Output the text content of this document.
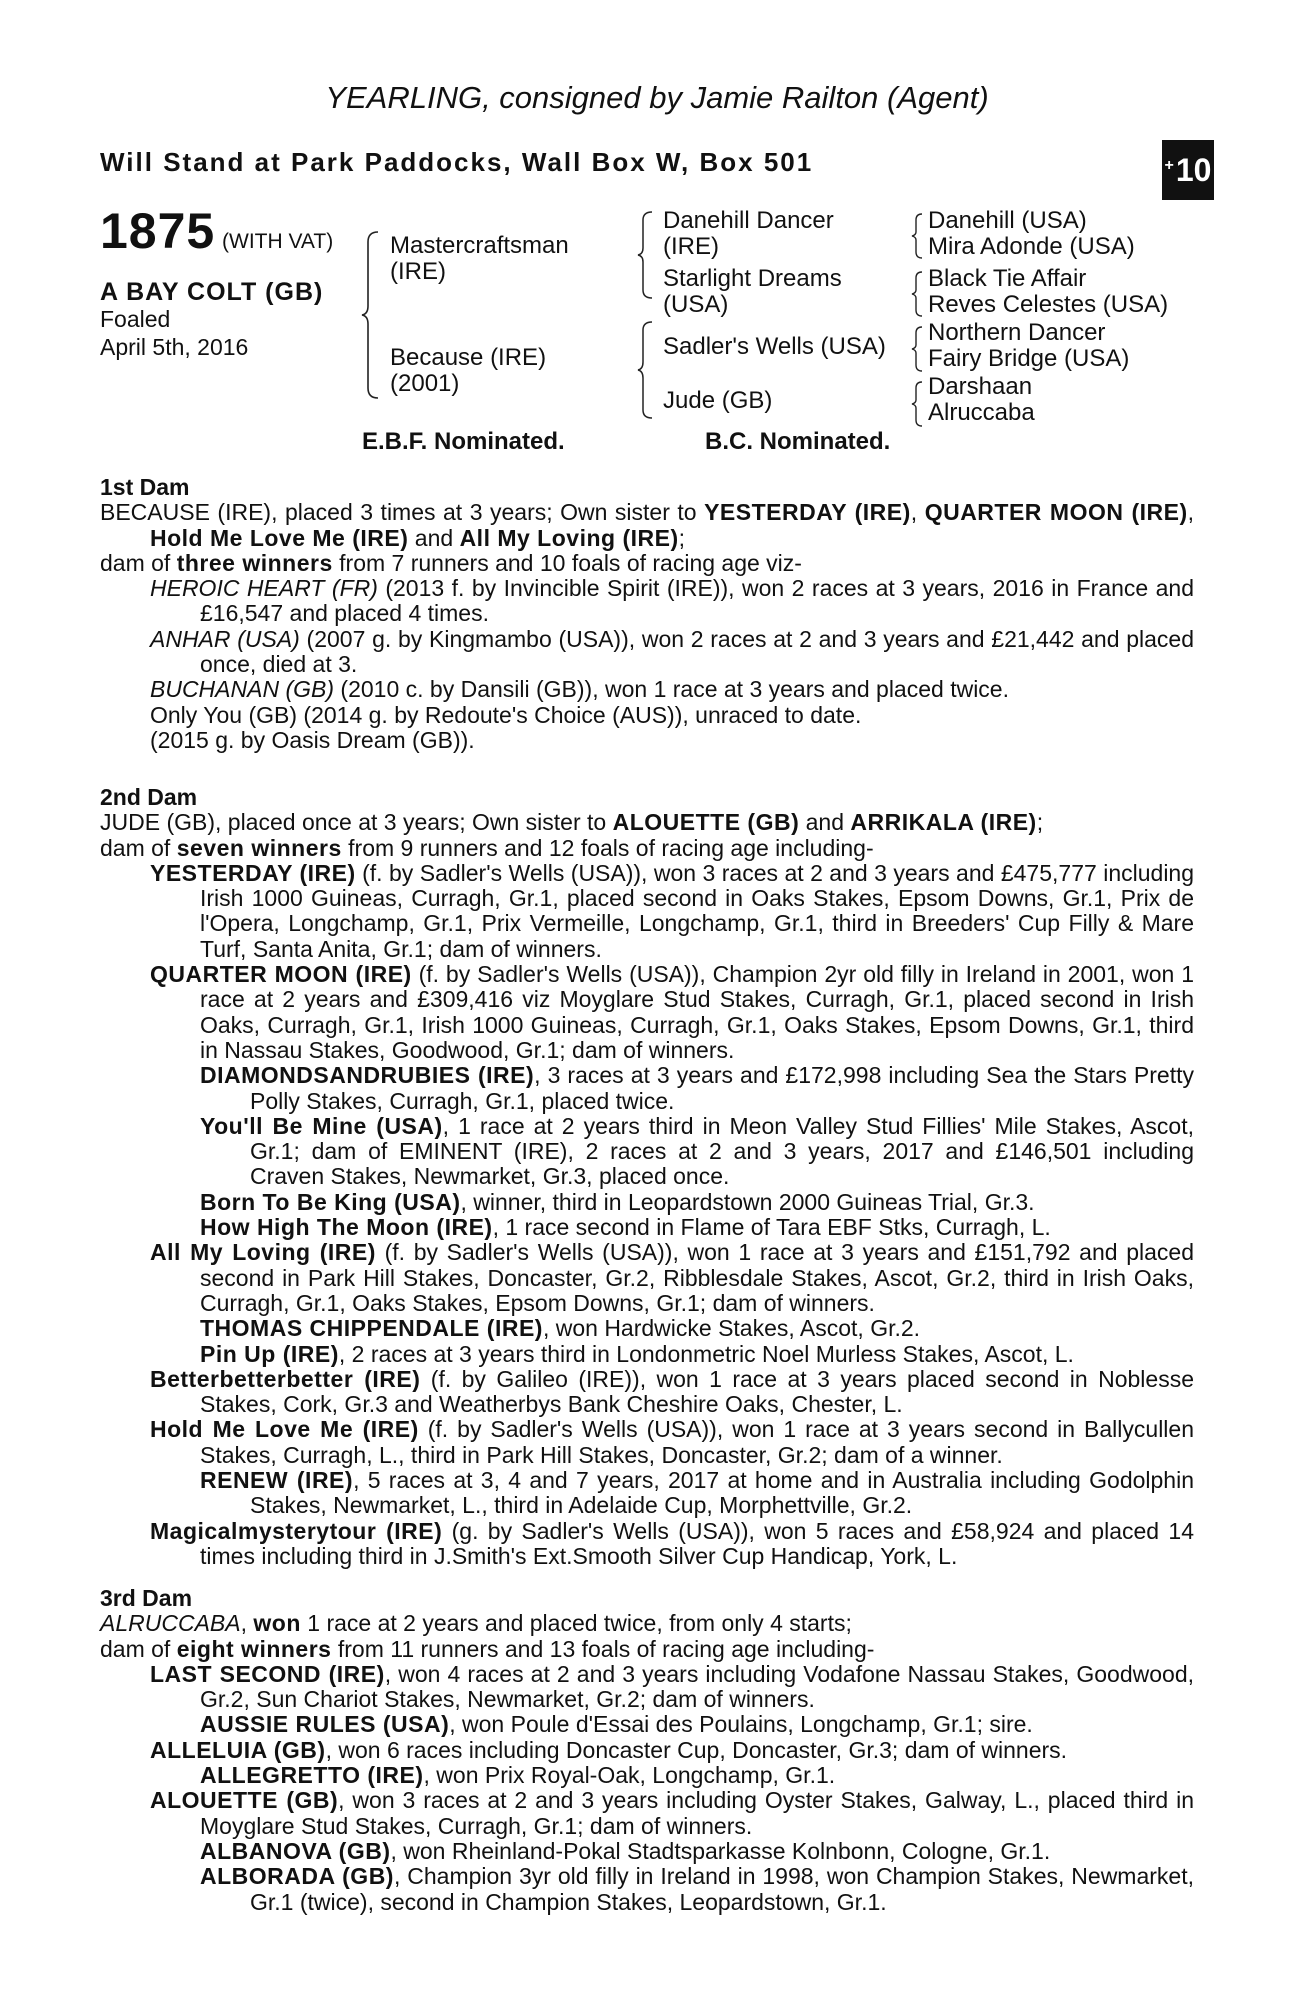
YEARLING, consigned by Jamie Railton (Agent)
Will Stand at Park Paddocks, Wall Box W, Box 501	+ 10
1875 (WITH VAT)
A BAY COLT (GB)
Foaled
April 5th, 2016
Mastercraftsman (IRE)
Because (IRE) (2001)
Danehill Dancer (IRE)
Starlight Dreams (USA)
Sadler's Wells (USA)
Jude (GB)
Danehill (USA)
Mira Adonde (USA)
Black Tie Affair
Reves Celestes (USA)
Northern Dancer
Fairy Bridge (USA)
Darshaan
Alruccaba
E.B.F. Nominated.	B.C. Nominated.

1st Dam

BECAUSE (IRE), placed 3 times at 3 years; Own sister to YESTERDAY (IRE), QUARTER MOON (IRE), Hold Me Love Me (IRE) and All My Loving (IRE);

dam of three winners from 7 runners and 10 foals of racing age viz-

HEROIC HEART (FR) (2013 f. by Invincible Spirit (IRE)), won 2 races at 3 years, 2016 in France and £16,547 and placed 4 times.

ANHAR (USA) (2007 g. by Kingmambo (USA)), won 2 races at 2 and 3 years and £21,442 and placed once, died at 3.

BUCHANAN (GB) (2010 c. by Dansili (GB)), won 1 race at 3 years and placed twice.

Only You (GB) (2014 g. by Redoute's Choice (AUS)), unraced to date.

(2015 g. by Oasis Dream (GB)).

2nd Dam

JUDE (GB), placed once at 3 years; Own sister to ALOUETTE (GB) and ARRIKALA (IRE);

dam of seven winners from 9 runners and 12 foals of racing age including-

YESTERDAY (IRE) (f. by Sadler's Wells (USA)), won 3 races at 2 and 3 years and £475,777 including Irish 1000 Guineas, Curragh, Gr.1, placed second in Oaks Stakes, Epsom Downs, Gr.1, Prix de l'Opera, Longchamp, Gr.1, Prix Vermeille, Longchamp, Gr.1, third in Breeders' Cup Filly & Mare Turf, Santa Anita, Gr.1; dam of winners.

QUARTER MOON (IRE) (f. by Sadler's Wells (USA)), Champion 2yr old filly in Ireland in 2001, won 1 race at 2 years and £309,416 viz Moyglare Stud Stakes, Curragh, Gr.1, placed second in Irish Oaks, Curragh, Gr.1, Irish 1000 Guineas, Curragh, Gr.1, Oaks Stakes, Epsom Downs, Gr.1, third in Nassau Stakes, Goodwood, Gr.1; dam of winners.

DIAMONDSANDRUBIES (IRE), 3 races at 3 years and £172,998 including Sea the Stars Pretty Polly Stakes, Curragh, Gr.1, placed twice.

You'll Be Mine (USA), 1 race at 2 years third in Meon Valley Stud Fillies' Mile Stakes, Ascot, Gr.1; dam of EMINENT (IRE), 2 races at 2 and 3 years, 2017 and £146,501 including Craven Stakes, Newmarket, Gr.3, placed once.

Born To Be King (USA), winner, third in Leopardstown 2000 Guineas Trial, Gr.3.

How High The Moon (IRE), 1 race second in Flame of Tara EBF Stks, Curragh, L.

All My Loving (IRE) (f. by Sadler's Wells (USA)), won 1 race at 3 years and £151,792 and placed second in Park Hill Stakes, Doncaster, Gr.2, Ribblesdale Stakes, Ascot, Gr.2, third in Irish Oaks, Curragh, Gr.1, Oaks Stakes, Epsom Downs, Gr.1; dam of winners.

THOMAS CHIPPENDALE (IRE), won Hardwicke Stakes, Ascot, Gr.2.

Pin Up (IRE), 2 races at 3 years third in Londonmetric Noel Murless Stakes, Ascot, L.

Betterbetterbetter (IRE) (f. by Galileo (IRE)), won 1 race at 3 years placed second in Noblesse Stakes, Cork, Gr.3 and Weatherbys Bank Cheshire Oaks, Chester, L.

Hold Me Love Me (IRE) (f. by Sadler's Wells (USA)), won 1 race at 3 years second in Ballycullen Stakes, Curragh, L., third in Park Hill Stakes, Doncaster, Gr.2; dam of a winner.

RENEW (IRE), 5 races at 3, 4 and 7 years, 2017 at home and in Australia including Godolphin Stakes, Newmarket, L., third in Adelaide Cup, Morphettville, Gr.2.

Magicalmysterytour (IRE) (g. by Sadler's Wells (USA)), won 5 races and £58,924 and placed 14 times including third in J.Smith's Ext.Smooth Silver Cup Handicap, York, L.

3rd Dam

ALRUCCABA, won 1 race at 2 years and placed twice, from only 4 starts;

dam of eight winners from 11 runners and 13 foals of racing age including-

LAST SECOND (IRE), won 4 races at 2 and 3 years including Vodafone Nassau Stakes, Goodwood, Gr.2, Sun Chariot Stakes, Newmarket, Gr.2; dam of winners.

AUSSIE RULES (USA), won Poule d'Essai des Poulains, Longchamp, Gr.1; sire.

ALLELUIA (GB), won 6 races including Doncaster Cup, Doncaster, Gr.3; dam of winners.

ALLEGRETTO (IRE), won Prix Royal-Oak, Longchamp, Gr.1.

ALOUETTE (GB), won 3 races at 2 and 3 years including Oyster Stakes, Galway, L., placed third in Moyglare Stud Stakes, Curragh, Gr.1; dam of winners.

ALBANOVA (GB), won Rheinland-Pokal Stadtsparkasse Kolnbonn, Cologne, Gr.1.

ALBORADA (GB), Champion 3yr old filly in Ireland in 1998, won Champion Stakes, Newmarket, Gr.1 (twice), second in Champion Stakes, Leopardstown, Gr.1.
